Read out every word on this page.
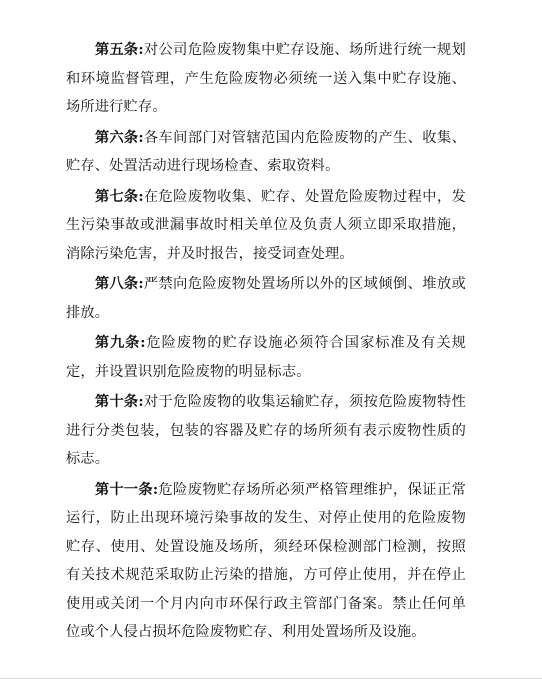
第五条:对公司危险废物集中贮存设施、场所进行统一规划和环境监督管理，产生危险废物必须统一送入集中贮存设施、场所进行贮存。

第六条:各车间部门对管辖范国内危险废物的产生、收集、贮存、处置活动进行现场检查、索取资料。

第七条:在危险废物收集、贮存、处置危险废物过程中，发生污染事故或泄漏事故时相关单位及负责人须立即采取措施，消除污染危害，并及时报告，接受词查处理。

第八条:严禁向危险废物处置场所以外的区域倾倒、堆放或排放。

第九条:危险废物的贮存设施必须符合国家标准及有关规定，并设置识别危险废物的明显标志。

第十条:对于危险废物的收集运输贮存，须按危险废物特性进行分类包装，包装的容器及贮存的场所须有表示废物性质的标志。

第十一条:危险废物贮存场所必须严格管理维护，保证正常运行，防止出现环境污染事故的发生、对停止使用的危险废物贮存、使用、处置设施及场所，须经环保检测部门检测，按照有关技术规范采取防止污染的措施，方可停止使用，并在停止使用或关闭一个月内向市环保行政主管部门备案。禁止任何单位或个人侵占损坏危险废物贮存、利用处置场所及设施。
